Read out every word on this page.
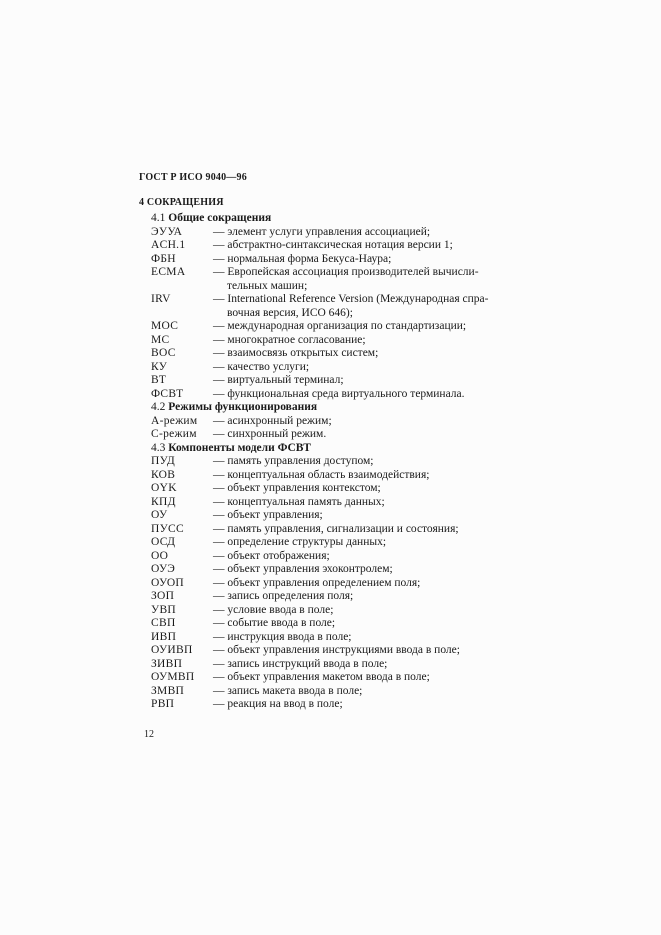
ГОСТ Р ИСО 9040—96
4 СОКРАЩЕНИЯ
4.1 Общие сокращения
ЭУУА	— элемент услуги управления ассоциацией;
ACH.1	— абстрактно-синтаксическая нотация версии 1;
ФБН	— нормальная форма Бекуса-Наура;
ECMA	— Европейская ассоциация производителей вычисли-
тельных машин;
IRV	— International Reference Version (Международная спра-
вочная версия, ИСО 646);
МОС	— международная организация по стандартизации;
МС	— многократное согласование;
ВОС	— взаимосвязь открытых систем;
КУ	— качество услуги;
ВТ	— виртуальный терминал;
ФСВТ	— функциональная среда виртуального терминала.
4.2 Режимы функционирования
А-режим	— асинхронный режим;
С-режим	— синхронный режим.
4.3 Компоненты модели ФСВТ
ПУД	— память управления доступом;
КОВ	— концептуальная область взаимодействия;
OYK	— объект управления контекстом;
КПД	— концептуальная память данных;
ОУ	— объект управления;
ПУСС	— память управления, сигнализации и состояния;
ОСД	— определение структуры данных;
ОО	— объект отображения;
ОУЭ	— объект управления эхоконтролем;
ОУОП	— объект управления определением поля;
ЗОП	— запись определения поля;
УВП	— условие ввода в поле;
СВП	— событие ввода в поле;
ИВП	— инструкция ввода в поле;
ОУИВП	— объект управления инструкциями ввода в поле;
ЗИВП	— запись инструкций ввода в поле;
ОУМВП	— объект управления макетом ввода в поле;
ЗМВП	— запись макета ввода в поле;
РВП	— реакция на ввод в поле;
12
